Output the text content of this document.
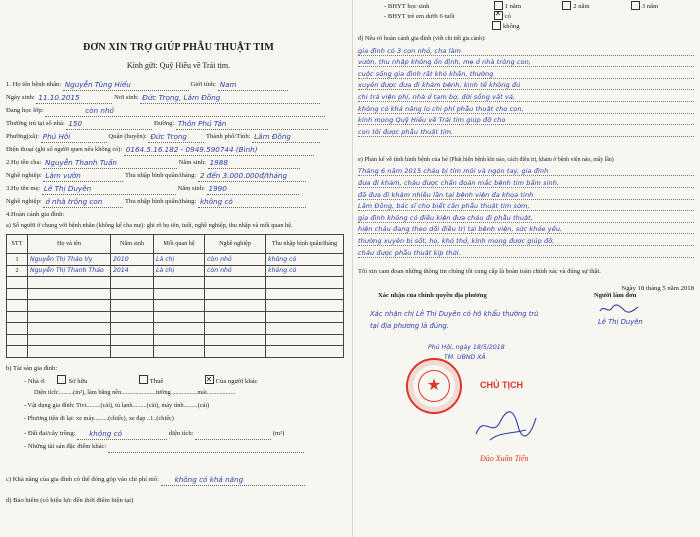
ĐƠN XIN TRỢ GIÚP PHẪU THUẬT TIM
Kính gửi: Quỹ Hiếu về Trái tim.
1. Họ tên bệnh nhân: Nguyễn Tùng Hiếu	Giới tính: Nam
Ngày sinh: 11.10.2015	Nơi sinh: Đức Trọng, Lâm Đồng
Đang học lớp:	còn nhỏ
Thường trú tại số nhà: 150	Đường: Thôn Phú Tân
Phường(xã): Phú Hội	Quận (huyện): Đức Trọng	Thành phố/Tỉnh: Lâm Đồng
Điện thoại (ghi số người quen nếu không có): 0164.5.16.182 - 0949.590744 (Bình)
2.Họ tên cha: Nguyễn Thanh Tuấn	Năm sinh: 1988
Nghề nghiệp: Làm vườn	Thu nhập bình quân/tháng: 2 đến 3.000.000đ/tháng
3.Họ tên mẹ: Lê Thị Duyên	Năm sinh: 1990
Nghề nghiệp: ở nhà trông con	Thu nhập bình quân/tháng: không có
4.Hoàn cảnh gia đình:
a) Số người ở chung với bệnh nhân (không kể cha mẹ): ghi rõ họ tên, tuổi, nghề nghiệp, thu nhập và mối quan hệ.
STT	Họ và tên	Năm sinh	Mối quan hệ	Nghề nghiệp	Thu nhập bình quân/tháng
1	Nguyễn Thị Thảo Vy	2010	Là chị	còn nhỏ	không có
2	Nguyễn Thị Thanh Thảo	2014	Là chị	còn nhỏ	không có

b) Tài sản gia đình:
- Nhà ở:	Sở hữu	Thuê ✕	Của người khác
Diện tích:.........(m²), làm bằng nền......................tường.................mái..................
- Vật dụng gia đình: Tivi.........(cái), tủ lạnh.........(cái), máy tính.........(cái)
- Phương tiện đi lại: xe máy.........(chiếc), xe đạp ..1..(chiếc)
- Đất đai/cây trồng: không có	diện tích:	(m²)
- Những tài sản đặc điểm khác:
c) Khả năng của gia đình có thể đóng góp vào chi phí mổ: không có khả năng
d) Bảo hiểm (có hiệu lực đến thời điểm hiện tại)
- BHYT học sinh	1 năm	2 năm	3 năm
- BHYT trẻ em dưới 6 tuổi ✕	có
không
đ) Nêu rõ hoàn cảnh gia đình (viết chi tiết gia cảnh):
gia đình có 3 con nhỏ, cha làm
vườn, thu nhập không ổn định, mẹ ở nhà trông con,
cuộc sống gia đình rất khó khăn, thường
xuyên được đưa đi khám bệnh, kinh tế không đủ
chi trả viện phí, nhà ở tạm bợ, đời sống vất vả,
không có khả năng lo chi phí phẫu thuật cho con,
kính mong Quỹ Hiếu về Trái tim giúp đỡ cho
con tôi được phẫu thuật tim.
e) Phản kể về tình hình bệnh của bé (Phát hiện bệnh khi nào, cách điều trị, khám ở bệnh viện nào, mấy lần)
Tháng 6 năm 2015 cháu bị tím môi và ngón tay, gia đình
đưa đi khám, cháu được chẩn đoán mắc bệnh tim bẩm sinh,
đã đưa đi khám nhiều lần tại bệnh viện đa khoa tỉnh
Lâm Đồng, bác sĩ cho biết cần phẫu thuật tim sớm,
gia đình không có điều kiện đưa cháu đi phẫu thuật,
hiện cháu đang theo dõi điều trị tại bệnh viện, sức khỏe yếu,
thường xuyên bị sốt, ho, khó thở, kính mong được giúp đỡ,
cháu được phẫu thuật kịp thời.
Tôi xin cam đoan những thông tin chúng tôi cung cấp là hoàn toàn chính xác và đúng sự thật.
Ngày 18 tháng 5 năm 2018
Xác nhận của chính quyền địa phương	Người làm đơn
Lê Thị Duyên
Xác nhận chị Lê Thị Duyên có hộ khẩu thường trú
tại địa phương là đúng.
Phú Hội, ngày 18/5/2018
TM. UBND XÃ
★	CHỦ TỊCH
Đào Xuân Tiến
